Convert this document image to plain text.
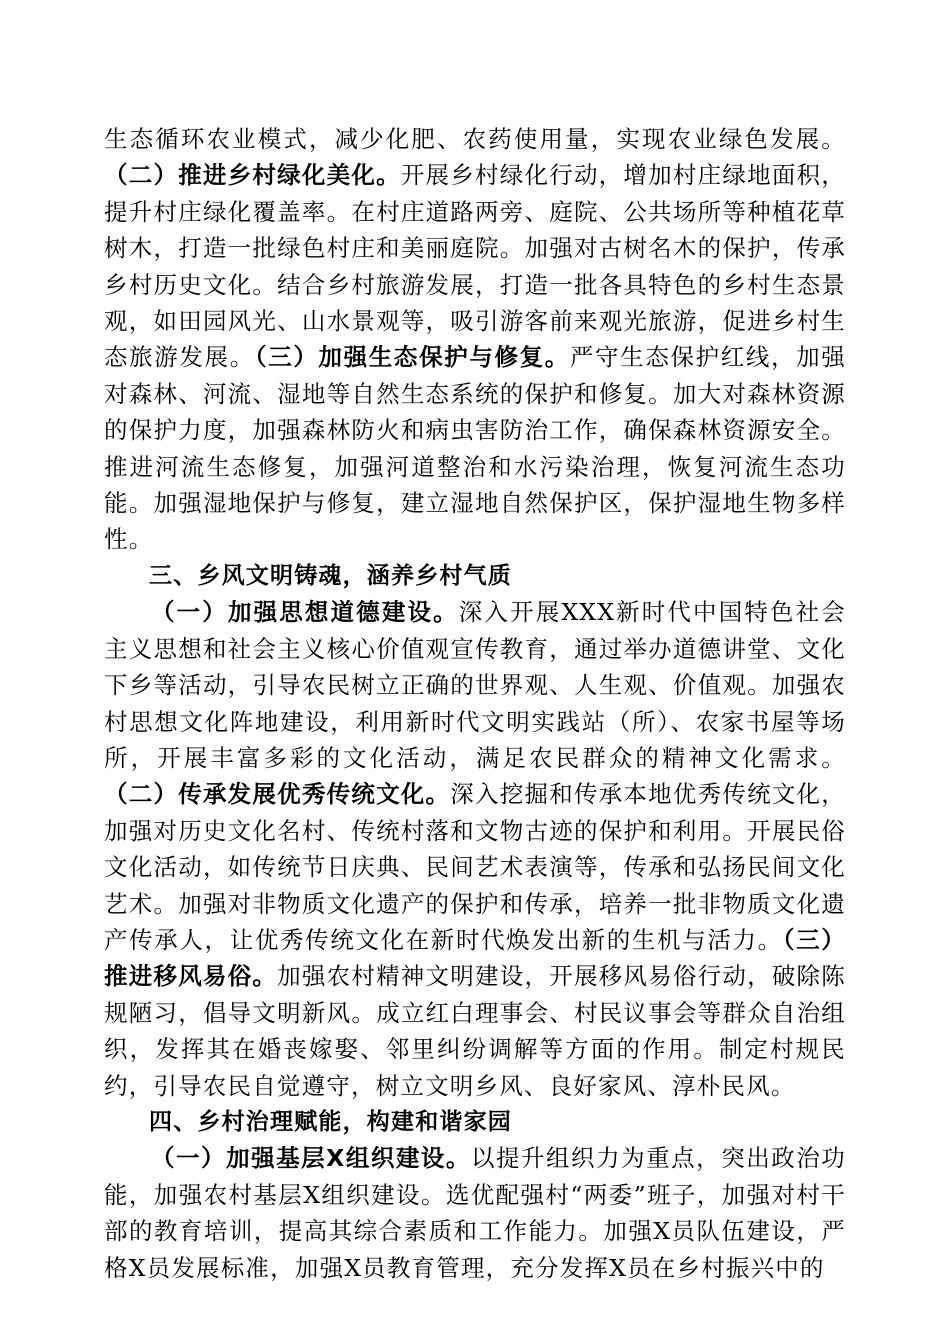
生态循环农业模式，减少化肥、农药使用量，实现农业绿色发展。（二）推进乡村绿化美化。开展乡村绿化行动，增加村庄绿地面积，提升村庄绿化覆盖率。在村庄道路两旁、庭院、公共场所等种植花草树木，打造一批绿色村庄和美丽庭院。加强对古树名木的保护，传承乡村历史文化。结合乡村旅游发展，打造一批各具特色的乡村生态景观，如田园风光、山水景观等，吸引游客前来观光旅游，促进乡村生态旅游发展。（三）加强生态保护与修复。严守生态保护红线，加强对森林、河流、湿地等自然生态系统的保护和修复。加大对森林资源的保护力度，加强森林防火和病虫害防治工作，确保森林资源安全。推进河流生态修复，加强河道整治和水污染治理，恢复河流生态功能。加强湿地保护与修复，建立湿地自然保护区，保护湿地生物多样性。

三、乡风文明铸魂，涵养乡村气质

（一）加强思想道德建设。深入开展XXX新时代中国特色社会主义思想和社会主义核心价值观宣传教育，通过举办道德讲堂、文化下乡等活动，引导农民树立正确的世界观、人生观、价值观。加强农村思想文化阵地建设，利用新时代文明实践站（所）、农家书屋等场所，开展丰富多彩的文化活动，满足农民群众的精神文化需求。（二）传承发展优秀传统文化。深入挖掘和传承本地优秀传统文化，加强对历史文化名村、传统村落和文物古迹的保护和利用。开展民俗文化活动，如传统节日庆典、民间艺术表演等，传承和弘扬民间文化艺术。加强对非物质文化遗产的保护和传承，培养一批非物质文化遗产传承人，让优秀传统文化在新时代焕发出新的生机与活力。（三）推进移风易俗。加强农村精神文明建设，开展移风易俗行动，破除陈规陋习，倡导文明新风。成立红白理事会、村民议事会等群众自治组织，发挥其在婚丧嫁娶、邻里纠纷调解等方面的作用。制定村规民约，引导农民自觉遵守，树立文明乡风、良好家风、淳朴民风。

四、乡村治理赋能，构建和谐家园

（一）加强基层X组织建设。以提升组织力为重点，突出政治功能，加强农村基层X组织建设。选优配强村“两委”班子，加强对村干部的教育培训，提高其综合素质和工作能力。加强X员队伍建设，严格X员发展标准，加强X员教育管理，充分发挥X员在乡村振兴中的
